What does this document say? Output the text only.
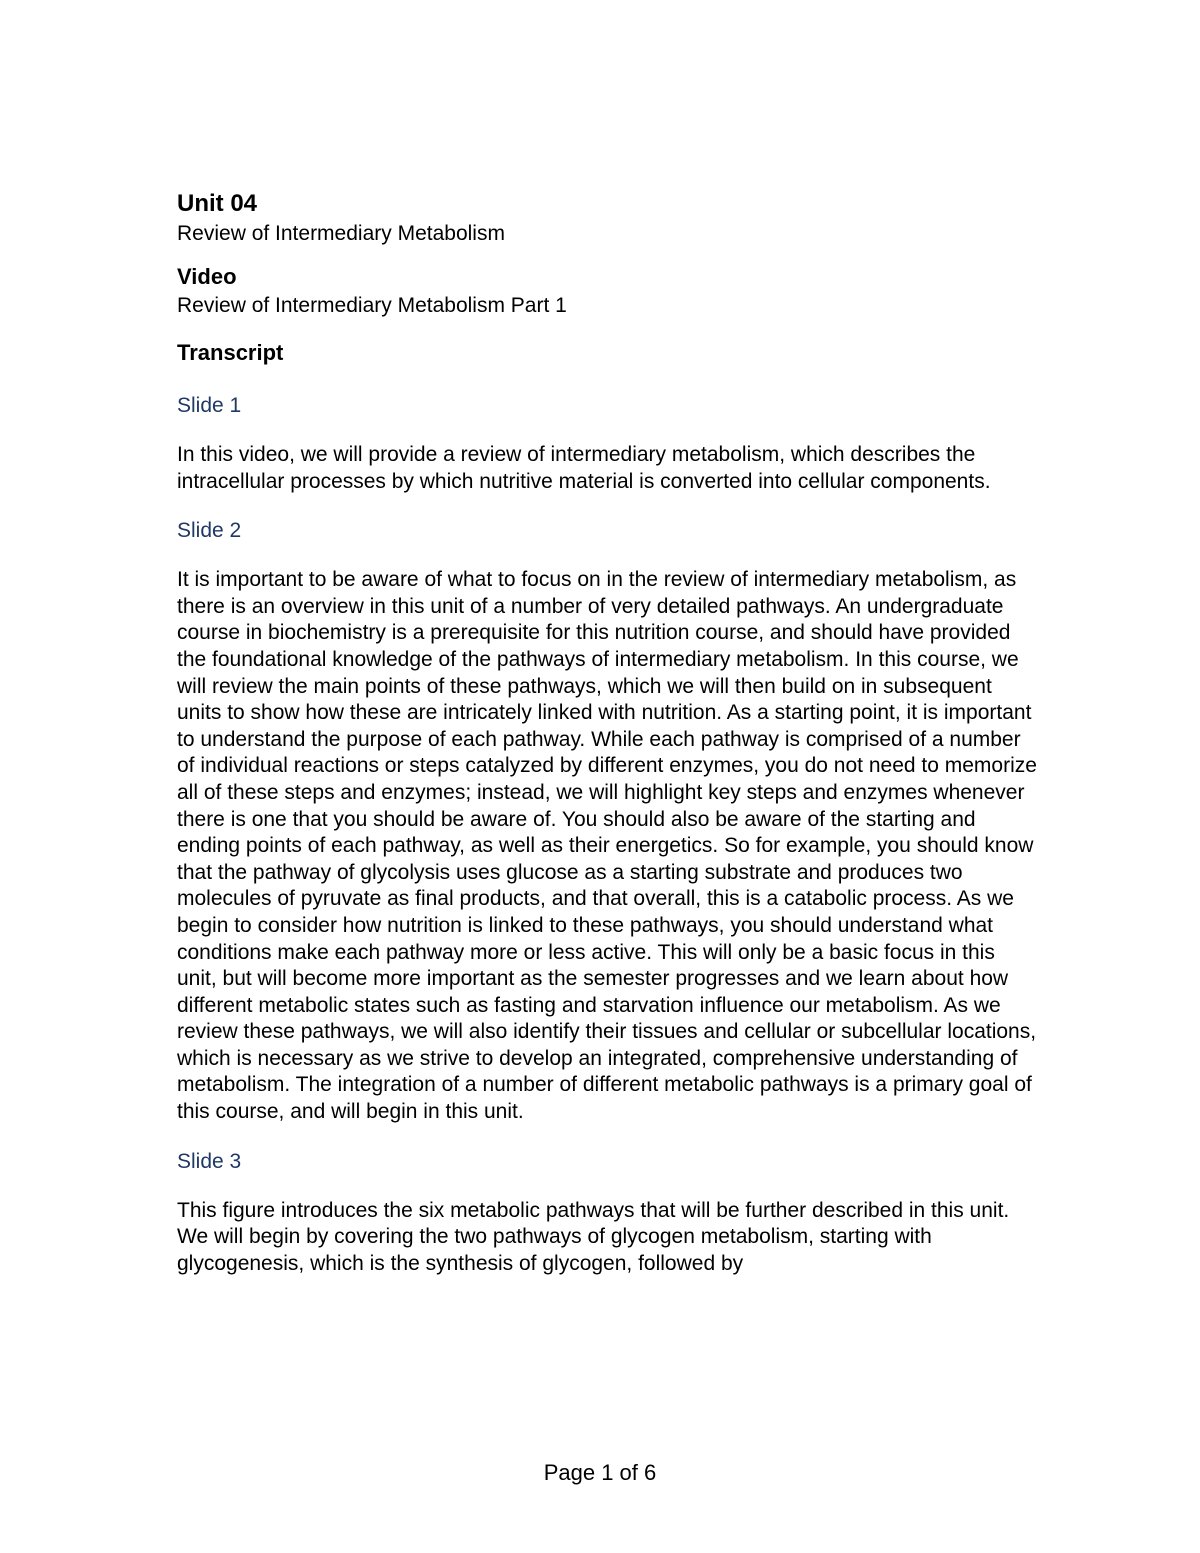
Unit 04

Review of Intermediary Metabolism

Video

Review of Intermediary Metabolism Part 1

Transcript

Slide 1

In this video, we will provide a review of intermediary metabolism, which describes the intracellular processes by which nutritive material is converted into cellular components.

Slide 2

It is important to be aware of what to focus on in the review of intermediary metabolism, as there is an overview in this unit of a number of very detailed pathways. An undergraduate course in biochemistry is a prerequisite for this nutrition course, and should have provided the foundational knowledge of the pathways of intermediary metabolism. In this course, we will review the main points of these pathways, which we will then build on in subsequent units to show how these are intricately linked with nutrition. As a starting point, it is important to understand the purpose of each pathway. While each pathway is comprised of a number of individual reactions or steps catalyzed by different enzymes, you do not need to memorize all of these steps and enzymes; instead, we will highlight key steps and enzymes whenever there is one that you should be aware of. You should also be aware of the starting and ending points of each pathway, as well as their energetics. So for example, you should know that the pathway of glycolysis uses glucose as a starting substrate and produces two molecules of pyruvate as final products, and that overall, this is a catabolic process. As we begin to consider how nutrition is linked to these pathways, you should understand what conditions make each pathway more or less active. This will only be a basic focus in this unit, but will become more important as the semester progresses and we learn about how different metabolic states such as fasting and starvation influence our metabolism. As we review these pathways, we will also identify their tissues and cellular or subcellular locations, which is necessary as we strive to develop an integrated, comprehensive understanding of metabolism. The integration of a number of different metabolic pathways is a primary goal of this course, and will begin in this unit.

Slide 3

This figure introduces the six metabolic pathways that will be further described in this unit. We will begin by covering the two pathways of glycogen metabolism, starting with glycogenesis, which is the synthesis of glycogen, followed by

Page 1 of 6
